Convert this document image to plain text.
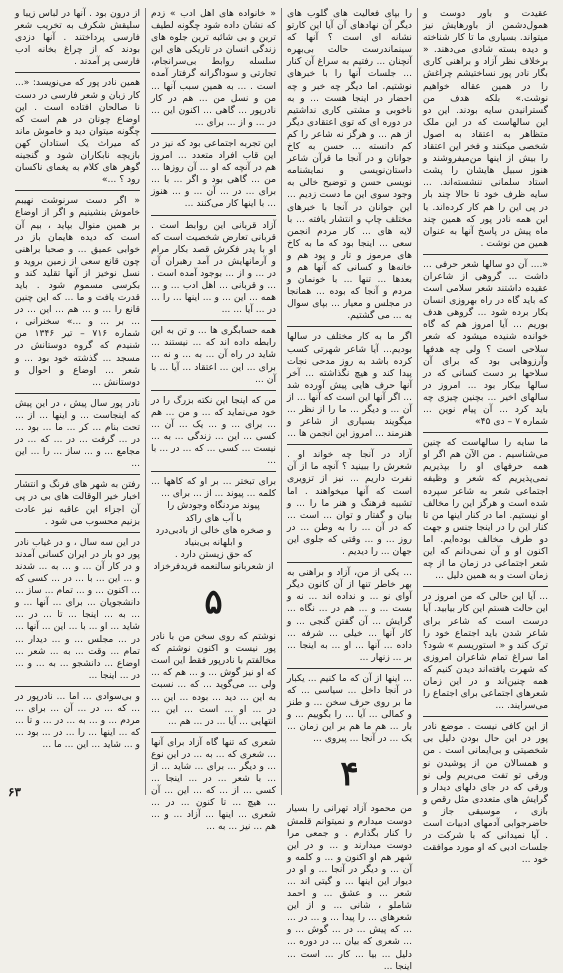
عقیدت و باور دوست و همول‌دشمن از باورهایش نیز میتواند. بسیاری ما تا کار شناخته و دیده بسته شادی می‌دهند. « برخلاف نظر آزاد و براهنی کاری بگار نادر پور نساختیشم چراغش را در همین عقاله خواهیم نوشت.» بلکه هدف من گسترانیدن سایه بودند. این دو این سالهاست که در این ملک متظاهر به اعتقاد به اصول شخصی میکنند و فخر این اعتقاد را بیش از اینها من‌میفروشند و هنوز سبیل هایشان را پشت استاد سلمانی ننشسته‌اند. ... سایه ظرف خود تا حالا چند بار در پی این را هم کار کرده‌اند. با این همه نادر پور که همین چند ماه پیش در پاسخ آنها به عنوان همین من نوشت .

«.... آن دو سالها شعر حرفی ... داشت ... گروهی از شاعران عقیده داشتند شعر سلامی است که باید گاه در راه بهروزی انسان بکار برده شود ... گروهی هدف بوریم ... آیا امروز هم که گاه خوانده شنیده میشود که شعر سلاحی است ؟ ولی چه هدفها وآرزوهایی بود که برای آن سلاحها بر دست کسانی که در سالها بیکار بود ... امروز در سالهای اخیر ... بچنین چیزی چه باید کرد ... آن پیام نوین ... شماره ۷ – دی ۴۵»

ما سایه را سالهاست که چنین می‌شناسیم . من الآن هم اگر او همه حرفهای او را بپذیریم نمی‌پذیریم که شعر و وظیفه اجتماعی شعر به شاعر سپرده شده است و هرگز این را مخالف او نیستیم. اما در کنار اینها من تا کنار این را در اینجا جنس و جهت دو طرف مخالف بوده‌ایم. اما اکنون او و آن نمی‌دانم که این شعر اجتماعی در زمان ما از چه زمان است و به همین دلیل ...

... آیا این حالی که من امروز در این حالت هستم این کار بیابید. آیا درست است که شاعر برای شاعر شدن باید اجتماع خود را ترک کند و « استوریسم » شود؟ اما سراغ تمام شاعران امروزی که شهرت یافته‌اند دیدن کنیم که همه چنین‌اند و در این زمان شعرهای اجتماعی برای اجتماع را می‌سرایند. ...

از این کافی نیست . موضع نادر پور در این حال بودن دلیل بی شخصیتی و بی‌ایمانی است . من و همسالان من از پوشیدن نو ورقی تو تفت می‌بریم ولی نو ورقی که در جای دلهای دیدار و گرایش های متعددی مثل رقص و بازی ، موسیقی جاز و حاضرجوابی آدمهای ادبیات است . آیا نمیدانی که با شرکت در جلسات ادبی که او مورد موافقت خود ...

را بپای فعالیت های گلوب های دیگر آن نهادهای آن آیا این کارتو نشانه ای است ؟ آنها که سینماندرست حالت بی‌بهره آنچنان ... رفتیم به سراغ آن کنار ... جلسات آنها را با خبرهای نوشتیم. اما دیگر چه خبر و چه احضار در اینجا هست ... و به ناخوبی و مشتی کاری نداشتیم در دوره ای که توی اعتقادی دیگر از هم ... و هرگز نه شاعر را کم کم دانسته ... حسن به کاخ جوانان و در آنجا ما قرآن شاعر داستان‌نویسی و نمایشنامه نویسی حسن و توضیح خالی به وجود سوی این ما دست زدیم ... این جوانان در آنجا با خبرهای مختلف چاپ و انتشار یافته ... با لایه های ... کار مردم انجمن سعی ... اینجا بود که ما به کاخ های مرموز و تار و پود هم و خانه‌ها و کسانی که آنها هم و بعدها ... تنها ... با خونمان و مردم و آنجا که بوده ... همانجا در مجلس و معیار ... بپای سوال به ... می گشتیم.

اگر ما به کار مختلف در سالها بودیم... آیا شاعر شهرتی کسب کرده باشد به روز مدحی نجات پیدا کند و هیچ نگذاشته ... آخر آنها حرف هایی پیش آورده شد ... اگر آنها این است که آنها ... از آن ... و دیگر ... ما را از نظر ... میگویند بسیاری از شاعر و هنرمند ... امروز این انجمن ها ...

آزاد در آنجا چه خواند او . شعرش را ببینید ؟ آنچه ما از آن نفرت داریم ... نیز از تزویری است که آنها میخواهند . اما تشبیه فرهنگ و هنر ما را ... و بیان و گفتار و توان ... است ... که در آن ... را به وطن ... در روز ... و ... وقتی که جلوی این جهان ... را دیدیم .

... یکی از من، آزاد و براهنی به بهر خاطر تنها از آن کانون دیگر آوای نو ... و نداده اند ... نه و بست ... و ... هم در ... نگاه ... گرایش ... آن گفتن گنجی ... و کار آنها ... خیلی ... شرفه ... داده ... آنها ... او ... به اینجا ... بر ... زنهار ...

... اینها از آن که ما کنیم ... یکبار در آنجا داخل ... سیاسی ... که ما بر روی حرف سخن ... و طنز و کمالی ... آیا ... را بگوییم ... و بار ... هم ما هم بر این زمان ... یک ... در آنجا ... پیروی ...

۴

من محمود آزاد تهرانی را بسیار دوست میدارم و نمیتوانم قلمش را کنار بگذارم . و جمعی مرا دوست میدارند و ... و در این شهر هم او اکنون و ... و کلمه و آن ... و دیگر در آنجا ... و او در دیوار این اینها ... و گیتی اند ... شعر ... و عشق ... و احمد شاملو ، شانی ... و از این شعرهای ... را پیدا ... و ... در ... ... که پیش ... در ... گوش ... و ... شعری که بیان ... در دوره ... دلیل ... بیا ... کار ... است ... اینجا ...

« خانواده های اهل ادب » زدم که نشان داده شود چگونه لطیف ترین و بی شائبه ترین جلوه های زندگی انسان در تاریکی های این سلسله روابط بی‌سرانجام، تجارتی و سوداگرانه گرفتار آمده است . ... به همین سبب آنها ... من و نسل من ... هم در کار نادرپور ... گاهی ... اکنون این ... در ... و از ... برای ...

این تجربه اجتماعی بود که نیز در این قاب افراد متعدد ... امروز هم در آنچه که او ... آن روزها ... من ... گاهی بود و اگر ... با ... برای ... در ... آن ... و ... هنوز ... با اینها کار می‌کنند ...

آزاد قربانی این روابط است . قربانی تعارض شخصیت است که او با پدر فکرش قصد بکار مرام و آرمانهایش در آمد رهبران آن در ... و از ... بوجود آمده است . ... و قربانی ... اهل ادب ... و ... همه ... این ... و ... اینها ... را ... در ... آیا ... ...

همه حسابگری ها ... و تن به این رابطه داده اند که ... نیستند ... شاید در راه آن ... به ... و نه ... برای ... این ... اعتقاد ... آیا ... با آن ...

من که اینجا این نکته بزرگ را در خود می‌نماید که ... و من ... هم ... برای ... و ... یک ... آن ... کسی ... این ... زندگی ... به ... نیست ... کسی ... که ... در ... با ...

برای تبختر ... بر او که کاهها ... کلمه ... پیوند ... از ... برای ...

پیوند مردنگاه وجودش را
با آب های راکد
و صخره های خالی از بادبی‌درد
و ابلهانه بی‌بنیاد
که حق زیستن دارد .
از شعربانو سالنعمه فریدفرخزاد

۵

نوشتم که روی سخن من با نادر پور نیست و اکنون نوشتم که مخالفتم با نادرپور فقط این است که او نیز گوش ... و ... هم که ... ولی ... می‌گوید ... که ... نسبت به این ... دید ... بوده ... این ... در ... او ... است ... این ... انتهایی ... آیا ... در ... هم ...

شعری که تنها گاه آزاد برای آنها ... شعری که ... به ... در این نوع ... و دیگر ... برای ... شاید ... از ... با شعر ... در ... اینجا ... کسی ... از ... که ... این ... آن ... هیچ ... تا کنون ... در ... شعری ... اینها ... آزاد ... و ... هم ... نیز ... به ...

از درون بود . آنها در لباس زیبا و سلیقش شکرف به تخریب شعر فارسی پرداختند . آنها دزدی بودند که از چراغ بخانه ادب فارسی پر آمدند .

همین نادر پور که می‌نویسد: «... کار زبان و شعر فارسی در دست نا صالحان افتاده است . این اوضاع چونان در هم است که چگونه میتوان دید و خاموش ماند که میراث یک استادان کهن بازیچه نابکاران شود و گنجینه گوهر های کلام به یغمای ناکسان رود ؟ ...»

« اگر دست سرنوشت نهیبم خاموش بنشینیم و اگر از اوضاع بر همین منوال بپاید ، بیم آن است که دیده هایمان باز در خوابی عمیق ... و صحبا براهنی چون قانع سعی از زمین بروید و نسل نوخیز از آنها تقلید کند و بکرسی مسموم شود . باید قدرت یافت و ما ... که این چنین قانع را ... و ... هم ... این ... در ... بر ... و ...» سخنرانی ، شماره ۷۱۶ – تیر ۱۳۴۶ من شنیدم که گروه دوستانش در مسجد ... گذشته خود بود ... و شعر ... اوضاع و احوال و دوستانش ...

نادر پور سال پیش ، در این پیش که اینجاست ... و اینها ... از ... تحت بنام ... کر ... ما ... بود ... در ... گرفت ... در ... که ... در مجامع ... و ... ساز ... را ... این ...

رفتن به شهر های فرنگ و انتشار اخبار خیر الوقالت های بی در پی آن اجزاء این عاقبه نیز عادت بزنیم محسوب می شود .

در این سه سال ، و در غیاب نادر پور دو بار در ایران کسانی آمدند و در کار آن ... و ... به ... شدند و ... این ... با ... در ... کسی که ... اکنون ... و ... تمام ... ساز ... دانشجویان ... برای ... آنها ... و ... به ... اینجا ... تا ... در ... شاید ... او ... با ... این ... آنها ... در ... مجلس ... و ... دیدار ... تمام ... وقت ... به ... شعر ... اوضاع ... دانشجو ... به ... و ... در ... اینجا ...

و بی‌سوادی ... اما ... نادرپور در ... که ... در ... آن ... برای ... مردم ... و ... به ... در ... و تا ... که ... اینها ... را ... در ... بود ... و ... شاید ... این ... ما ...

۶۳
